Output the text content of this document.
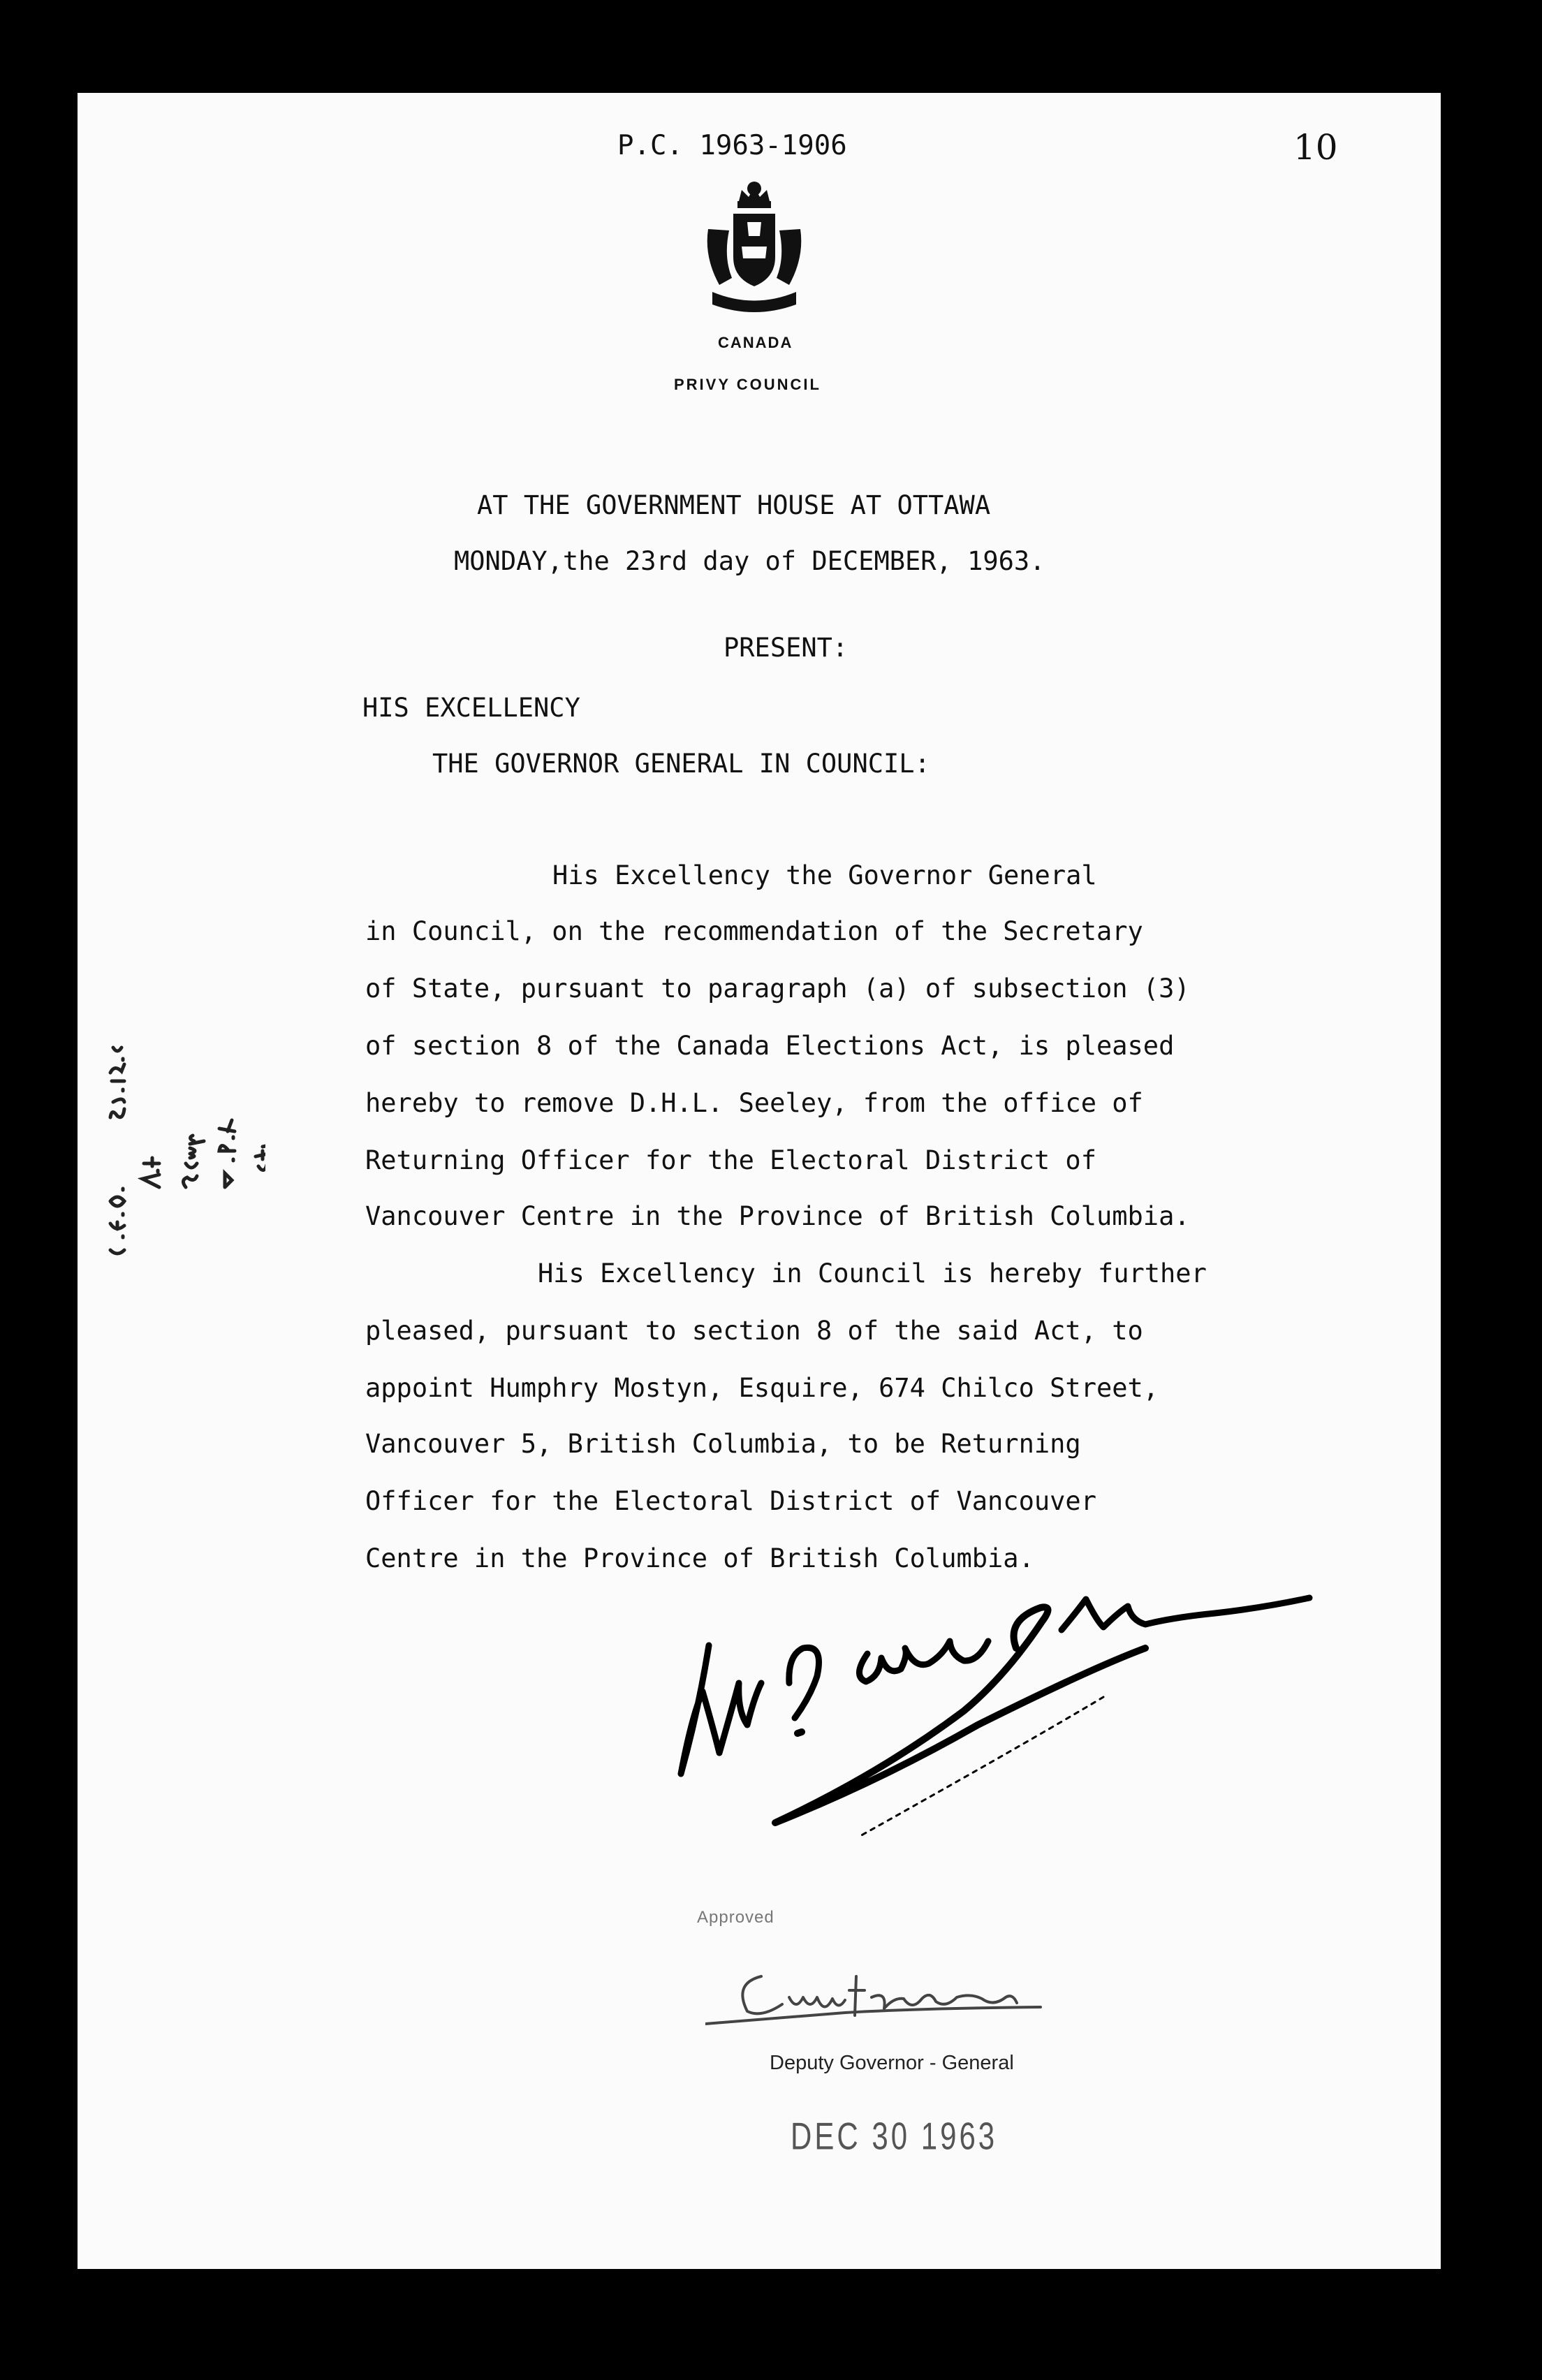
P.C. 1963-1906	10
CANADA
PRIVY COUNCIL
AT THE GOVERNMENT HOUSE AT OTTAWA
MONDAY,the 23rd day of DECEMBER, 1963.
PRESENT:
HIS EXCELLENCY
THE GOVERNOR GENERAL IN COUNCIL:
His Excellency the Governor General
in Council, on the recommendation of the Secretary
of State, pursuant to paragraph (a) of subsection (3)
of section 8 of the Canada Elections Act, is pleased
hereby to remove D.H.L. Seeley, from the office of
Returning Officer for the Electoral District of
Vancouver Centre in the Province of British Columbia.
His Excellency in Council is hereby further
pleased, pursuant to section 8 of the said Act, to
appoint Humphry Mostyn, Esquire, 674 Chilco Street,
Vancouver 5, British Columbia, to be Returning
Officer for the Electoral District of Vancouver
Centre in the Province of British Columbia.
Approved
Deputy Governor - General
DEC 30 1963
